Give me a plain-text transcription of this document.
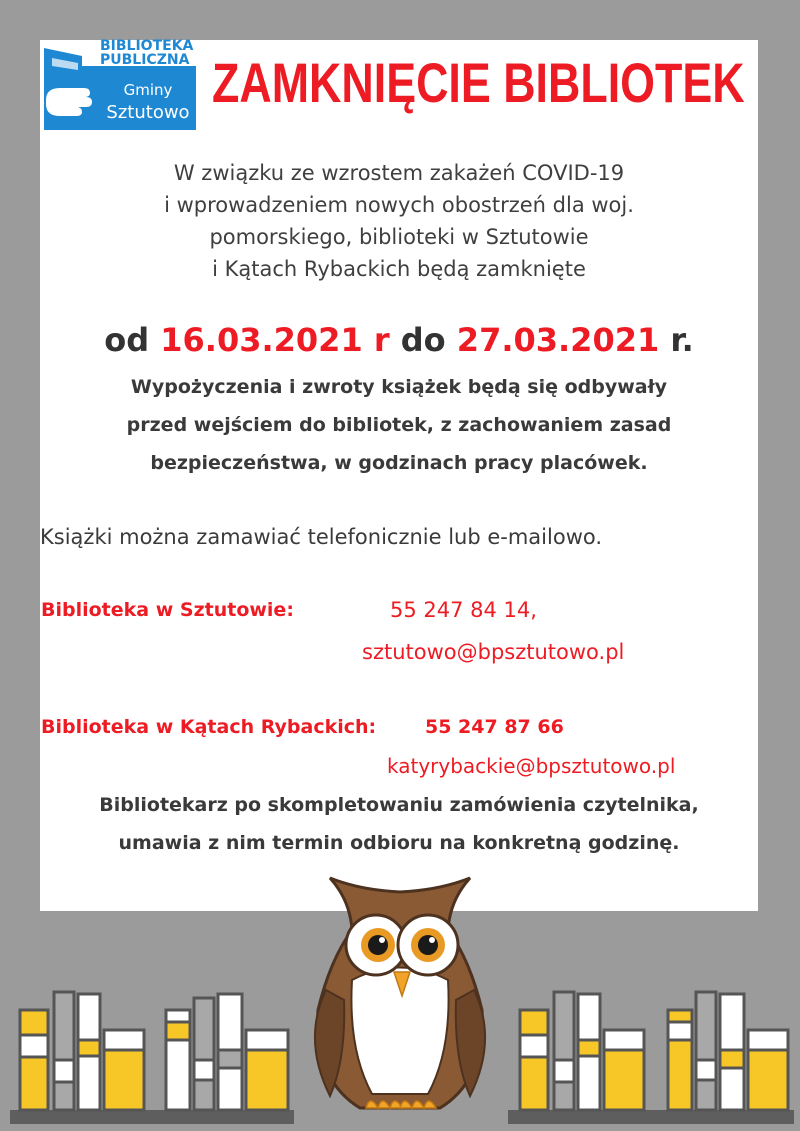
BIBLIOTEKA
PUBLICZNA
Gminy
Sztutowo ZAMKNIĘCIE BIBLIOTEK

W związku ze wzrostem zakażeń COVID-19
i wprowadzeniem nowych obostrzeń dla woj.
pomorskiego, biblioteki w Sztutowie
i Kątach Rybackich będą zamknięte

od 16.03.2021 r do 27.03.2021 r.

Wypożyczenia i zwroty książek będą się odbywały
przed wejściem do bibliotek, z zachowaniem zasad
bezpieczeństwa, w godzinach pracy placówek.

Książki można zamawiać telefonicznie lub e-mailowo.

Biblioteka w Sztutowie:	55 247 84 14,

sztutowo@bpsztutowo.pl

Biblioteka w Kątach Rybackich:	55 247 87 66

katyrybackie@bpsztutowo.pl

Bibliotekarz po skompletowaniu zamówienia czytelnika,
umawia z nim termin odbioru na konkretną godzinę.
